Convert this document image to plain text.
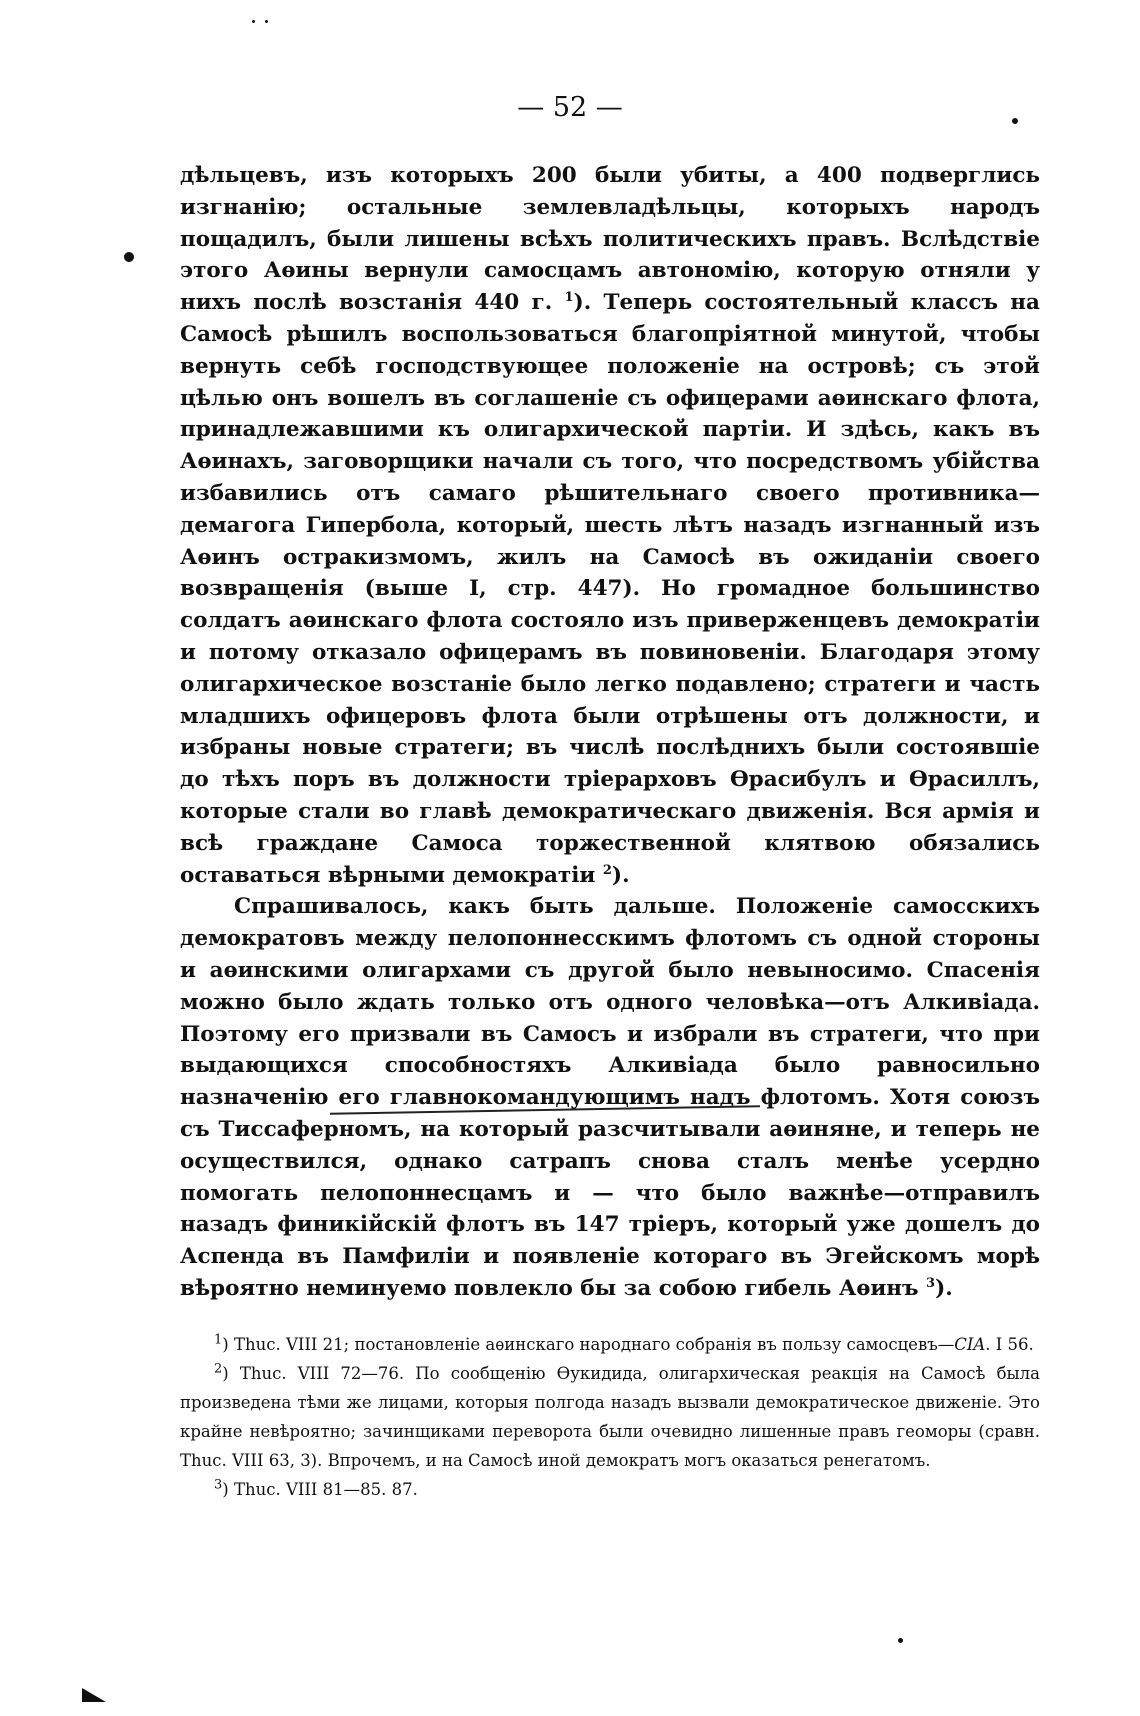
— 52 —

дѣльцевъ, изъ которыхъ 200 были убиты, а 400 подверглись изгнанію; остальные землевладѣльцы, которыхъ народъ пощадилъ, были лишены всѣхъ политическихъ правъ. Вслѣдствіе этого Аѳины вернули самосцамъ автономію, которую отняли у нихъ послѣ возстанія 440 г. $^1$). Теперь состоятельный классъ на Самосѣ рѣшилъ воспользоваться благопріятной минутой, чтобы вернуть себѣ господствующее положеніе на островѣ; съ этой цѣлью онъ вошелъ въ соглашеніе съ офицерами аѳинскаго флота, принадлежавшими къ олигархической партіи. И здѣсь, какъ въ Аѳинахъ, заговорщики начали съ того, что посредствомъ убійства избавились отъ самаго рѣшительнаго своего противника—демагога Гипербола, который, шесть лѣтъ назадъ изгнанный изъ Аѳинъ остракизмомъ, жилъ на Самосѣ въ ожиданіи своего возвращенія (выше I, стр. 447). Но громадное большинство солдатъ аѳинскаго флота состояло изъ приверженцевъ демократіи и потому отказало офицерамъ въ повиновеніи. Благодаря этому олигархическое возстаніе было легко подавлено; стратеги и часть младшихъ офицеровъ флота были отрѣшены отъ должности, и избраны новые стратеги; въ числѣ послѣднихъ были состоявшіе до тѣхъ поръ въ должности тріерарховъ Ѳрасибулъ и Ѳрасиллъ, которые стали во главѣ демократическаго движенія. Вся армія и всѣ граждане Самоса торжественной клятвою обязались оставаться вѣрными демократіи $^2$).

Спрашивалось, какъ быть дальше. Положеніе самосскихъ демократовъ между пелопоннесскимъ флотомъ съ одной стороны и аѳинскими олигархами съ другой было невыносимо. Спасенія можно было ждать только отъ одного человѣка—отъ Алкивіада. Поэтому его призвали въ Самосъ и избрали въ стратеги, что при выдающихся способностяхъ Алкивіада было равносильно назначенію его главнокомандующимъ надъ флотомъ. Хотя союзъ съ Тиссаферномъ, на который разсчитывали аѳиняне, и теперь не осуществился, однако сатрапъ снова сталъ менѣе усердно помогать пелопоннесцамъ и — что было важнѣе—отправилъ назадъ финикійскій флотъ въ 147 тріеръ, который уже дошелъ до Аспенда въ Памфиліи и появленіе котораго въ Эгейскомъ морѣ вѣроятно неминуемо повлекло бы за собою гибель Аѳинъ $^3$).

$^1$) Thuc. VIII 21; постановленіе аѳинскаго народнаго собранія въ пользу самосцевъ—CIA. I 56.

$^2$) Thuc. VIII 72—76. По сообщенію Ѳукидида, олигархическая реакція на Самосѣ была произведена тѣми же лицами, которыя полгода назадъ вызвали демократическое движеніе. Это крайне невѣроятно; зачинщиками переворота были очевидно лишенные правъ геоморы (сравн. Thuc. VIII 63, 3). Впрочемъ, и на Самосѣ иной демократъ могъ оказаться ренегатомъ.

$^3$) Thuc. VIII 81—85. 87.
